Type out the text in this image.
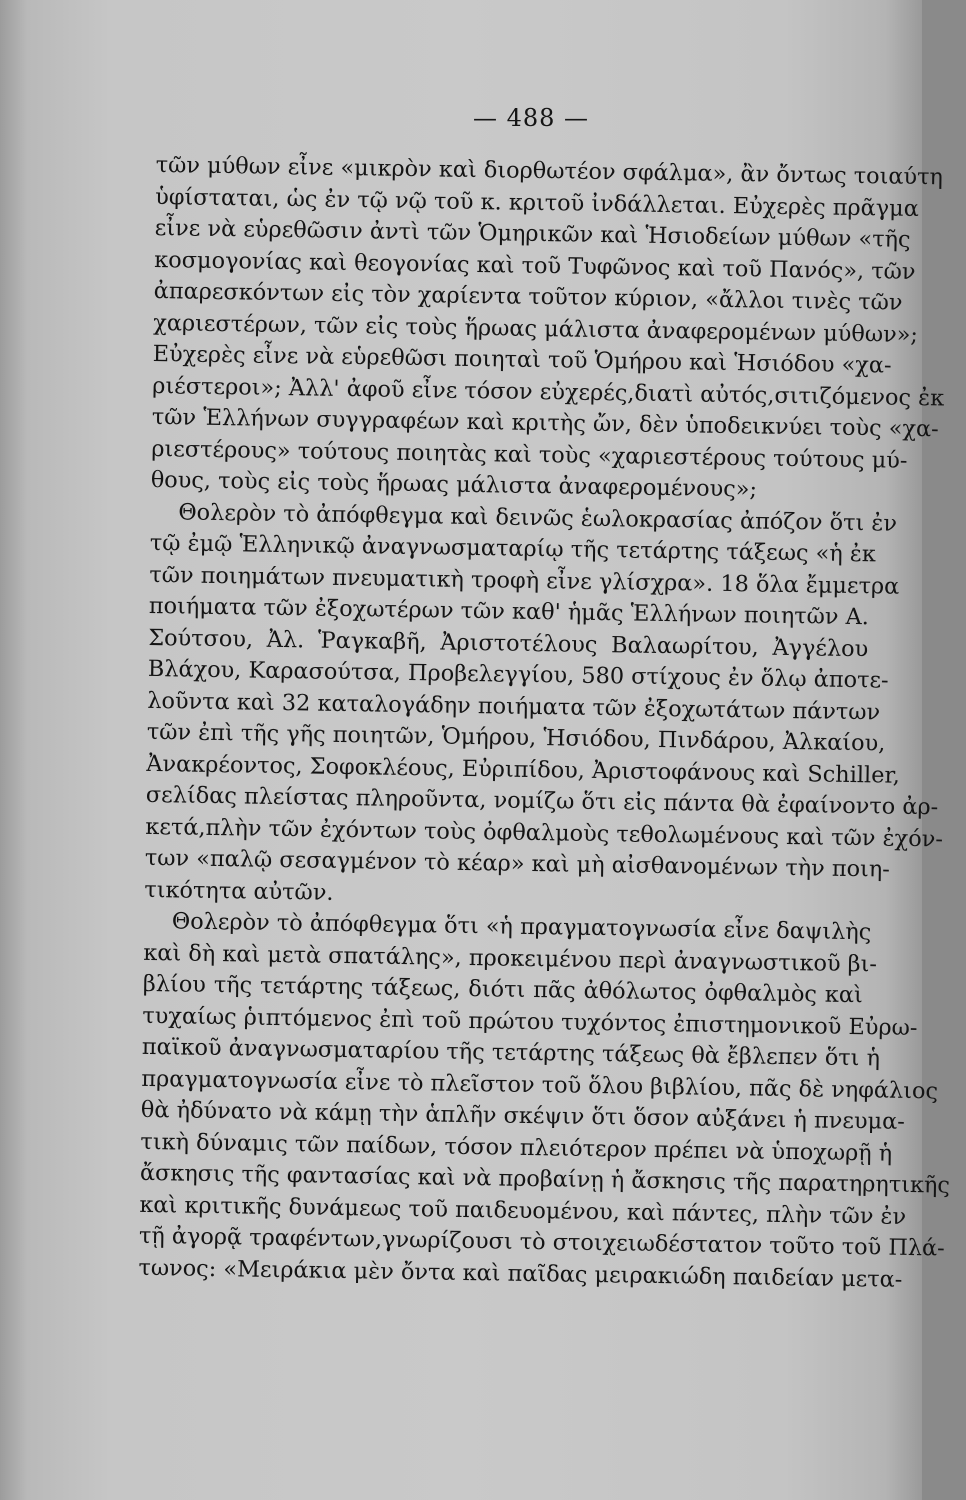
— 488 —
τῶν μύθων εἶνε «μικρὸν καὶ διορθωτέον σφάλμα», ἂν ὄντως τοιαύτη
ὑφίσταται, ὡς ἐν τῷ νῷ τοῦ κ. κριτοῦ ἰνδάλλεται. Εὐχερὲς πρᾶγμα
εἶνε νὰ εὑρεθῶσιν ἀντὶ τῶν Ὁμηρικῶν καὶ Ἡσιοδείων μύθων «τῆς
κοσμογονίας καὶ θεογονίας καὶ τοῦ Τυφῶνος καὶ τοῦ Πανός», τῶν
ἀπαρεσκόντων εἰς τὸν χαρίεντα τοῦτον κύριον, «ἄλλοι τινὲς τῶν
χαριεστέρων, τῶν εἰς τοὺς ἥρωας μάλιστα ἀναφερομένων μύθων»;
Εὐχερὲς εἶνε νὰ εὑρεθῶσι ποιηταὶ τοῦ Ὁμήρου καὶ Ἡσιόδου «χα-
ριέστεροι»; Ἀλλ' ἀφοῦ εἶνε τόσον εὐχερές,διατὶ αὐτός,σιτιζόμενος ἐκ
τῶν Ἑλλήνων συγγραφέων καὶ κριτὴς ὤν, δὲν ὑποδεικνύει τοὺς «χα-
ριεστέρους» τούτους ποιητὰς καὶ τοὺς «χαριεστέρους τούτους μύ-
θους, τοὺς εἰς τοὺς ἥρωας μάλιστα ἀναφερομένους»;
Θολερὸν τὸ ἀπόφθεγμα καὶ δεινῶς ἑωλοκρασίας ἀπόζον ὅτι ἐν
τῷ ἐμῷ Ἑλληνικῷ ἀναγνωσματαρίῳ τῆς τετάρτης τάξεως «ἡ ἐκ
τῶν ποιημάτων πνευματικὴ τροφὴ εἶνε γλίσχρα». 18 ὅλα ἔμμετρα
ποιήματα τῶν ἐξοχωτέρων τῶν καθ' ἡμᾶς Ἑλλήνων ποιητῶν Α.
Σούτσου, Ἀλ. Ῥαγκαβῆ, Ἀριστοτέλους Βαλαωρίτου, Ἀγγέλου
Βλάχου, Καρασούτσα, Προβελεγγίου, 580 στίχους ἐν ὅλῳ ἀποτε-
λοῦντα καὶ 32 καταλογάδην ποιήματα τῶν ἐξοχωτάτων πάντων
τῶν ἐπὶ τῆς γῆς ποιητῶν, Ὁμήρου, Ἡσιόδου, Πινδάρου, Ἀλκαίου,
Ἀνακρέοντος, Σοφοκλέους, Εὐριπίδου, Ἀριστοφάνους καὶ Schiller,
σελίδας πλείστας πληροῦντα, νομίζω ὅτι εἰς πάντα θὰ ἐφαίνοντο ἀρ-
κετά,πλὴν τῶν ἐχόντων τοὺς ὀφθαλμοὺς τεθολωμένους καὶ τῶν ἐχόν-
των «παλῷ σεσαγμένον τὸ κέαρ» καὶ μὴ αἰσθανομένων τὴν ποιη-
τικότητα αὐτῶν.
Θολερὸν τὸ ἀπόφθεγμα ὅτι «ἡ πραγματογνωσία εἶνε δαψιλὴς
καὶ δὴ καὶ μετὰ σπατάλης», προκειμένου περὶ ἀναγνωστικοῦ βι-
βλίου τῆς τετάρτης τάξεως, διότι πᾶς ἀθόλωτος ὀφθαλμὸς καὶ
τυχαίως ῥιπτόμενος ἐπὶ τοῦ πρώτου τυχόντος ἐπιστημονικοῦ Εὐρω-
παϊκοῦ ἀναγνωσματαρίου τῆς τετάρτης τάξεως θὰ ἔβλεπεν ὅτι ἡ
πραγματογνωσία εἶνε τὸ πλεῖστον τοῦ ὅλου βιβλίου, πᾶς δὲ νηφάλιος
θὰ ἠδύνατο νὰ κάμῃ τὴν ἁπλῆν σκέψιν ὅτι ὅσον αὐξάνει ἡ πνευμα-
τικὴ δύναμις τῶν παίδων, τόσον πλειότερον πρέπει νὰ ὑποχωρῇ ἡ
ἄσκησις τῆς φαντασίας καὶ νὰ προβαίνῃ ἡ ἄσκησις τῆς παρατηρητικῆς
καὶ κριτικῆς δυνάμεως τοῦ παιδευομένου, καὶ πάντες, πλὴν τῶν ἐν
τῇ ἀγορᾷ τραφέντων,γνωρίζουσι τὸ στοιχειωδέστατον τοῦτο τοῦ Πλά-
τωνος: «Μειράκια μὲν ὄντα καὶ παῖδας μειρακιώδη παιδείαν μετα-
